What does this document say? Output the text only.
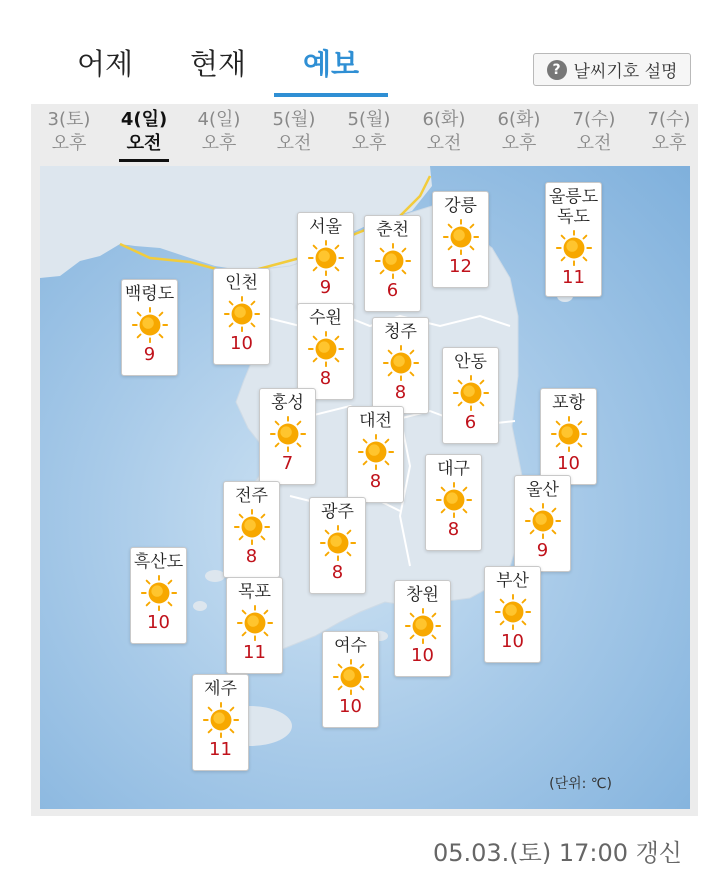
어제 현재 예보	? 날씨기호 설명
3(토)
오후
4(일)
오전
4(일)
오후
5(월)
오전
5(월)
오후
6(화)
오전
6(화)
오후
7(수)
오전
7(수)
오후
백령도
9
인천
10
서울
9
춘천
6
강릉
12
울릉도
독도
11
수원
8
청주
8
안동
6
홍성
7
대전
8
포항
10
대구
8
전주
8
울산
9
광주
8
흑산도
10
목포
11
창원
10
부산
10
여수
10
제주
11
(단위: ℃)
05.03.(토) 17:00 갱신
